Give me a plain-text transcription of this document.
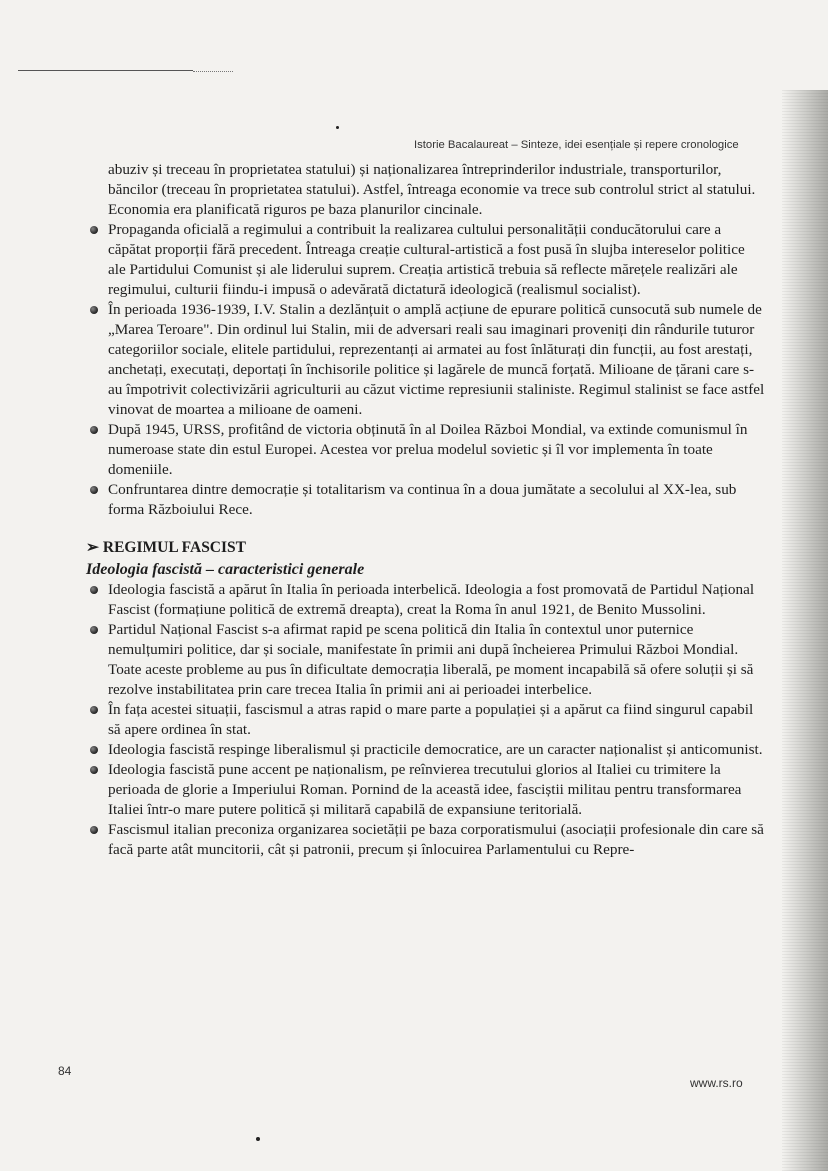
Istorie Bacalaureat – Sinteze, idei esențiale și repere cronologice

abuziv și treceau în proprietatea statului) și naționalizarea întreprinderilor industriale, transporturilor, băncilor (treceau în proprietatea statului). Astfel, întreaga economie va trece sub controlul strict al statului. Economia era planificată riguros pe baza planurilor cincinale.

Propaganda oficială a regimului a contribuit la realizarea cultului personalității conducătorului care a căpătat proporții fără precedent. Întreaga creație cultural-artistică a fost pusă în slujba intereselor politice ale Partidului Comunist și ale liderului suprem. Creația artistică trebuia să reflecte mărețele realizări ale regimului, culturii fiindu-i impusă o adevărată dictatură ideologică (realismul socialist).

În perioada 1936-1939, I.V. Stalin a dezlănțuit o amplă acțiune de epurare politică cunsocută sub numele de „Marea Teroare". Din ordinul lui Stalin, mii de adversari reali sau imaginari proveniți din rândurile tuturor categoriilor sociale, elitele partidului, reprezentanți ai armatei au fost înlăturați din funcții, au fost arestați, anchetați, executați, deportați în închisorile politice și lagărele de muncă forțată. Milioane de țărani care s-au împotrivit colectivizării agriculturii au căzut victime represiunii staliniste. Regimul stalinist se face astfel vinovat de moartea a milioane de oameni.

După 1945, URSS, profitând de victoria obținută în al Doilea Război Mondial, va extinde comunismul în numeroase state din estul Europei. Acestea vor prelua modelul sovietic și îl vor implementa în toate domeniile.

Confruntarea dintre democrație și totalitarism va continua în a doua jumătate a secolului al XX-lea, sub forma Războiului Rece.

➢ REGIMUL FASCIST
Ideologia fascistă – caracteristici generale

Ideologia fascistă a apărut în Italia în perioada interbelică. Ideologia a fost promovată de Partidul Național Fascist (formațiune politică de extremă dreapta), creat la Roma în anul 1921, de Benito Mussolini.

Partidul Național Fascist s-a afirmat rapid pe scena politică din Italia în contextul unor puternice nemulțumiri politice, dar și sociale, manifestate în primii ani după încheierea Primului Război Mondial. Toate aceste probleme au pus în dificultate democrația liberală, pe moment incapabilă să ofere soluții și să rezolve instabilitatea prin care trecea Italia în primii ani ai perioadei interbelice.

În fața acestei situații, fascismul a atras rapid o mare parte a populației și a apărut ca fiind singurul capabil să apere ordinea în stat.

Ideologia fascistă respinge liberalismul și practicile democratice, are un caracter naționalist și anticomunist.

Ideologia fascistă pune accent pe naționalism, pe reînvierea trecutului glorios al Italiei cu trimitere la perioada de glorie a Imperiului Roman. Pornind de la această idee, fasciștii militau pentru transformarea Italiei într-o mare putere politică și militară capabilă de expansiune teritorială.

Fascismul italian preconiza organizarea societății pe baza corporatismului (asociații profesionale din care să facă parte atât muncitorii, cât și patronii, precum și înlocuirea Parlamentului cu Repre-

84
www.rs.ro
